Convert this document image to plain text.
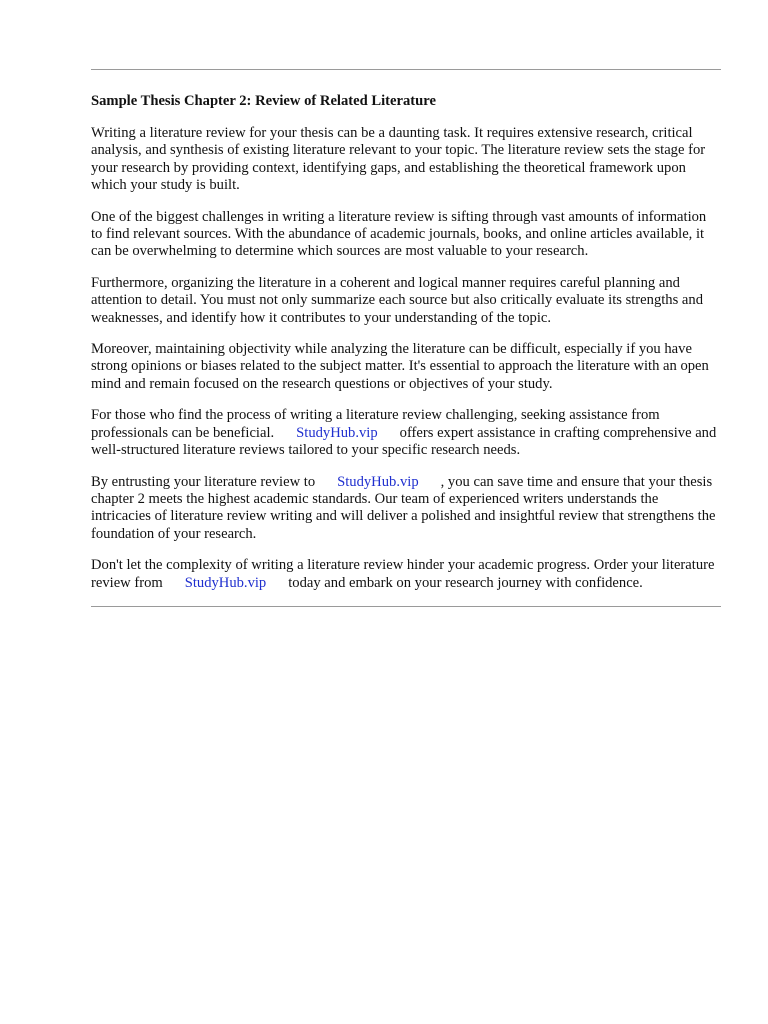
Sample Thesis Chapter 2: Review of Related Literature

Writing a literature review for your thesis can be a daunting task. It requires extensive research, critical analysis, and synthesis of existing literature relevant to your topic. The literature review sets the stage for your research by providing context, identifying gaps, and establishing the theoretical framework upon which your study is built.

One of the biggest challenges in writing a literature review is sifting through vast amounts of information to find relevant sources. With the abundance of academic journals, books, and online articles available, it can be overwhelming to determine which sources are most valuable to your research.

Furthermore, organizing the literature in a coherent and logical manner requires careful planning and attention to detail. You must not only summarize each source but also critically evaluate its strengths and weaknesses, and identify how it contributes to your understanding of the topic.

Moreover, maintaining objectivity while analyzing the literature can be difficult, especially if you have strong opinions or biases related to the subject matter. It's essential to approach the literature with an open mind and remain focused on the research questions or objectives of your study.

For those who find the process of writing a literature review challenging, seeking assistance from professionals can be beneficial. StudyHub.vip offers expert assistance in crafting comprehensive and well-structured literature reviews tailored to your specific research needs.

By entrusting your literature review to StudyHub.vip , you can save time and ensure that your thesis chapter 2 meets the highest academic standards. Our team of experienced writers understands the intricacies of literature review writing and will deliver a polished and insightful review that strengthens the foundation of your research.

Don't let the complexity of writing a literature review hinder your academic progress. Order your literature review from StudyHub.vip today and embark on your research journey with confidence.
